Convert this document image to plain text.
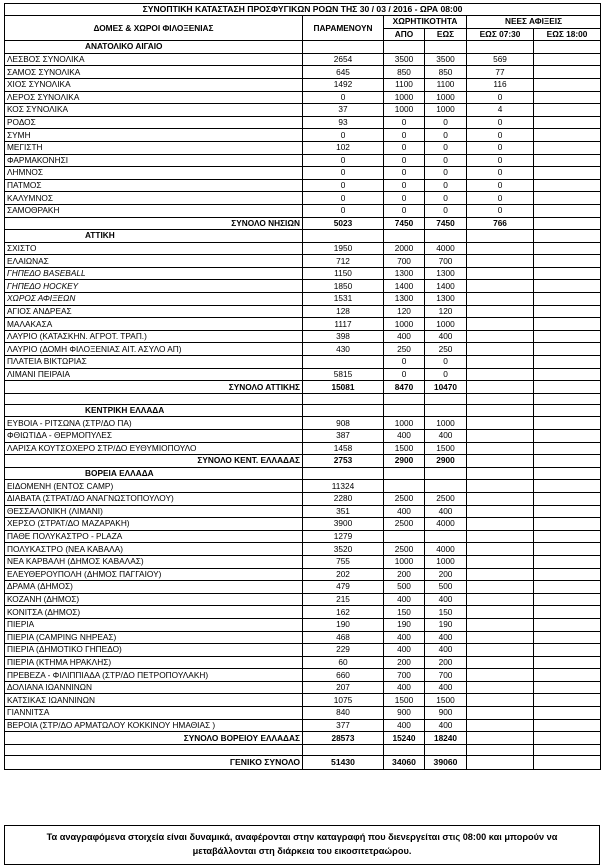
ΣΥΝΟΠΤΙΚΗ ΚΑΤΑΣΤΑΣΗ ΠΡΟΣΦΥΓΙΚΩΝ ΡΟΩΝ ΤΗΣ 30 / 03 / 2016 - ΩΡΑ 08:00					
ΔΟΜΕΣ & ΧΩΡΟΙ ΦΙΛΟΞΕΝΙΑΣ	ΠΑΡΑΜΕΝΟΥΝ	ΧΩΡΗΤΙΚΟΤΗΤΑ		ΝΕΕΣ ΑΦΙΞΕΙΣ	
		ΑΠΟ	ΕΩΣ	ΕΩΣ 07:30	ΕΩΣ 18:00
ΑΝΑΤΟΛΙΚΟ ΑΙΓΑΙΟ					
ΛΕΣΒΟΣ ΣΥΝΟΛΙΚΑ	2654	3500	3500	569	
ΣΑΜΟΣ ΣΥΝΟΛΙΚΑ	645	850	850	77	
ΧΙΟΣ ΣΥΝΟΛΙΚΑ	1492	1100	1100	116	
ΛΕΡΟΣ ΣΥΝΟΛΙΚΑ	0	1000	1000	0	
ΚΟΣ ΣΥΝΟΛΙΚΑ	37	1000	1000	4	
ΡΟΔΟΣ	93	0	0	0	
ΣΥΜΗ	0	0	0	0	
ΜΕΓΙΣΤΗ	102	0	0	0	
ΦΑΡΜΑΚΟΝΗΣΙ	0	0	0	0	
ΛΗΜΝΟΣ	0	0	0	0	
ΠΑΤΜΟΣ	0	0	0	0	
ΚΑΛΥΜΝΟΣ	0	0	0	0	
ΣΑΜΟΘΡΑΚΗ	0	0	0	0	
ΣΥΝΟΛΟ ΝΗΣΙΩΝ	5023	7450	7450	766	
ΑΤΤΙΚΗ					
ΣΧΙΣΤΟ	1950	2000	4000		
ΕΛΑΙΩΝΑΣ	712	700	700		
ΓΗΠΕΔΟ BASEBALL	1150	1300	1300		
ΓΗΠΕΔΟ HOCKEY	1850	1400	1400		
ΧΩΡΟΣ ΑΦΙΞΕΩΝ	1531	1300	1300		
ΑΓΙΟΣ ΑΝΔΡΕΑΣ	128	120	120		
ΜΑΛΑΚΑΣΑ	1117	1000	1000		
ΛΑΥΡΙΟ (ΚΑΤΑΣΚΗΝ. ΑΓΡΟΤ. ΤΡΑΠ.)	398	400	400		
ΛΑΥΡΙΟ (ΔΟΜΗ ΦΙΛΟΞΕΝΙΑΣ ΑΙΤ. ΑΣΥΛΟ ΑΠ)	430	250	250		
ΠΛΑΤΕΙΑ ΒΙΚΤΩΡΙΑΣ		0	0		
ΛΙΜΑΝΙ ΠΕΙΡΑΙΑ	5815	0	0		
ΣΥΝΟΛΟ ΑΤΤΙΚΗΣ	15081	8470	10470		

ΚΕΝΤΡΙΚΗ ΕΛΛΑΔΑ					
ΕΥΒΟΙΑ - ΡΙΤΣΩΝΑ (ΣΤΡ/ΔΟ ΠΑ)	908	1000	1000		
ΦΘΙΩΤΙΔΑ - ΘΕΡΜΟΠΥΛΕΣ	387	400	400		
ΛΑΡΙΣΑ ΚΟΥΤΣΟΧΕΡΟ ΣΤΡ/ΔΟ ΕΥΘΥΜΙΟΠΟΥΛΟ	1458	1500	1500		
ΣΥΝΟΛΟ ΚΕΝΤ. ΕΛΛΑΔΑΣ	2753	2900	2900		
ΒΟΡΕΙΑ ΕΛΛΑΔΑ					
ΕΙΔΟΜΕΝΗ (ΕΝΤΟΣ CAMP)	11324				
ΔΙΑΒΑΤΑ (ΣΤΡΑΤ/ΔΟ ΑΝΑΓΝΩΣΤΟΠΟΥΛΟΥ)	2280	2500	2500		
ΘΕΣΣΑΛΟΝΙΚΗ (ΛΙΜΑΝΙ)	351	400	400		
ΧΕΡΣΟ (ΣΤΡΑΤ/ΔΟ ΜΑΖΑΡΑΚΗ)	3900	2500	4000		
ΠΑΘΕ ΠΟΛΥΚΑΣΤΡΟ - PLAZA	1279				
ΠΟΛΥΚΑΣΤΡΟ (ΝΕΑ ΚΑΒΑΛΑ)	3520	2500	4000		
ΝΕΑ ΚΑΡΒΑΛΗ (ΔΗΜΟΣ ΚΑΒΑΛΑΣ)	755	1000	1000		
ΕΛΕΥΘΕΡΟΥΠΟΛΗ (ΔΗΜΟΣ ΠΑΓΓΑΙΟΥ)	202	200	200		
ΔΡΑΜΑ (ΔΗΜΟΣ)	479	500	500		
ΚΟΖΑΝΗ (ΔΗΜΟΣ)	215	400	400		
ΚΟΝΙΤΣΑ (ΔΗΜΟΣ)	162	150	150		
ΠΙΕΡΙΑ	190	190	190		
ΠΙΕΡΙΑ (CAMPING ΝΗΡΕΑΣ)	468	400	400		
ΠΙΕΡΙΑ (ΔΗΜΟΤΙΚΟ ΓΗΠΕΔΟ)	229	400	400		
ΠΙΕΡΙΑ (ΚΤΗΜΑ ΗΡΑΚΛΗΣ)	60	200	200		
ΠΡΕΒΕΖΑ - ΦΙΛΙΠΠΙΑΔΑ (ΣΤΡ/ΔΟ ΠΕΤΡΟΠΟΥΛΑΚΗ)	660	700	700		
ΔΟΛΙΑΝΑ ΙΩΑΝΝΙΝΩΝ	207	400	400		
ΚΑΤΣΙΚΑΣ ΙΩΑΝΝΙΝΩΝ	1075	1500	1500		
ΓΙΑΝΝΙΤΣΑ	840	900	900		
ΒΕΡΟΙΑ (ΣΤΡ/ΔΟ ΑΡΜΑΤΩΛΟΥ ΚΟΚΚΙΝΟΥ ΗΜΑΘΙΑΣ )	377	400	400		
ΣΥΝΟΛΟ ΒΟΡΕΙΟΥ ΕΛΛΑΔΑΣ	28573	15240	18240		

ΓΕΝΙΚΟ ΣΥΝΟΛΟ	51430	34060	39060		
Τα αναγραφόμενα στοιχεία είναι δυναμικά, αναφέρονται στην καταγραφή που διενεργείται στις 08:00 και μπορούν να
μεταβάλλονται στη διάρκεια του εικοσιτετραώρου.
